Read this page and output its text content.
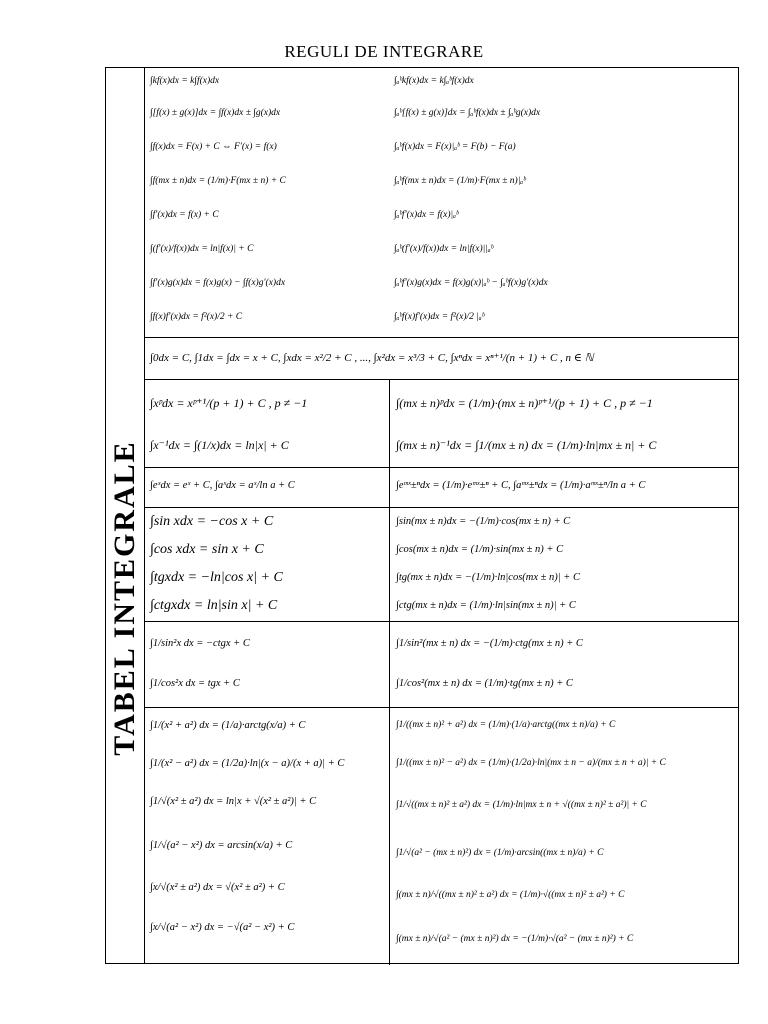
REGULI DE INTEGRARE
TABEL INTEGRALE
∫kf(x)dx = k∫f(x)dx
∫[f(x) ± g(x)]dx = ∫f(x)dx ± ∫g(x)dx
∫f(x)dx = F(x) + C ⇔ F′(x) = f(x)
∫f(mx ± n)dx = (1/m)·F(mx ± n) + C
∫f′(x)dx = f(x) + C
∫(f′(x)/f(x))dx = ln|f(x)| + C
∫f′(x)g(x)dx = f(x)g(x) − ∫f(x)g′(x)dx
∫f(x)f′(x)dx = f²(x)/2 + C
∫ₐᵇkf(x)dx = k∫ₐᵇf(x)dx
∫ₐᵇ[f(x) ± g(x)]dx = ∫ₐᵇf(x)dx ± ∫ₐᵇg(x)dx
∫ₐᵇf(x)dx = F(x)|ₐᵇ = F(b) − F(a)
∫ₐᵇf(mx ± n)dx = (1/m)·F(mx ± n)|ₐᵇ
∫ₐᵇf′(x)dx = f(x)|ₐᵇ
∫ₐᵇ(f′(x)/f(x))dx = ln|f(x)||ₐᵇ
∫ₐᵇf′(x)g(x)dx = f(x)g(x)|ₐᵇ − ∫ₐᵇf(x)g′(x)dx
∫ₐᵇf(x)f′(x)dx = f²(x)/2 |ₐᵇ
∫0dx = C, ∫1dx = ∫dx = x + C, ∫xdx = x²/2 + C , ..., ∫x²dx = x³/3 + C, ∫xⁿdx = xⁿ⁺¹/(n + 1) + C , n ∈ ℕ
∫xᵖdx = xᵖ⁺¹/(p + 1) + C , p ≠ −1
∫x⁻¹dx = ∫(1/x)dx = ln|x| + C
∫(mx ± n)ᵖdx = (1/m)·(mx ± n)ᵖ⁺¹/(p + 1) + C , p ≠ −1
∫(mx ± n)⁻¹dx = ∫1/(mx ± n) dx = (1/m)·ln|mx ± n| + C
∫eˣdx = eˣ + C, ∫aˣdx = aˣ/ln a + C	∫eᵐˣ±ⁿdx = (1/m)·eᵐˣ±ⁿ + C, ∫aᵐˣ±ⁿdx = (1/m)·aᵐˣ±ⁿ/ln a + C
∫sin xdx = −cos x + C
∫cos xdx = sin x + C
∫tgxdx = −ln|cos x| + C
∫ctgxdx = ln|sin x| + C
∫sin(mx ± n)dx = −(1/m)·cos(mx ± n) + C
∫cos(mx ± n)dx = (1/m)·sin(mx ± n) + C
∫tg(mx ± n)dx = −(1/m)·ln|cos(mx ± n)| + C
∫ctg(mx ± n)dx = (1/m)·ln|sin(mx ± n)| + C
∫1/sin²x dx = −ctgx + C
∫1/cos²x dx = tgx + C
∫1/sin²(mx ± n) dx = −(1/m)·ctg(mx ± n) + C
∫1/cos²(mx ± n) dx = (1/m)·tg(mx ± n) + C
∫1/(x² + a²) dx = (1/a)·arctg(x/a) + C
∫1/(x² − a²) dx = (1/2a)·ln|(x − a)/(x + a)| + C
∫1/√(x² ± a²) dx = ln|x + √(x² ± a²)| + C
∫1/√(a² − x²) dx = arcsin(x/a) + C
∫x/√(x² ± a²) dx = √(x² ± a²) + C
∫x/√(a² − x²) dx = −√(a² − x²) + C
∫1/((mx ± n)² + a²) dx = (1/m)·(1/a)·arctg((mx ± n)/a) + C
∫1/((mx ± n)² − a²) dx = (1/m)·(1/2a)·ln|(mx ± n − a)/(mx ± n + a)| + C
∫1/√((mx ± n)² ± a²) dx = (1/m)·ln|mx ± n + √((mx ± n)² ± a²)| + C
∫1/√(a² − (mx ± n)²) dx = (1/m)·arcsin((mx ± n)/a) + C
∫(mx ± n)/√((mx ± n)² ± a²) dx = (1/m)·√((mx ± n)² ± a²) + C
∫(mx ± n)/√(a² − (mx ± n)²) dx = −(1/m)·√(a² − (mx ± n)²) + C
